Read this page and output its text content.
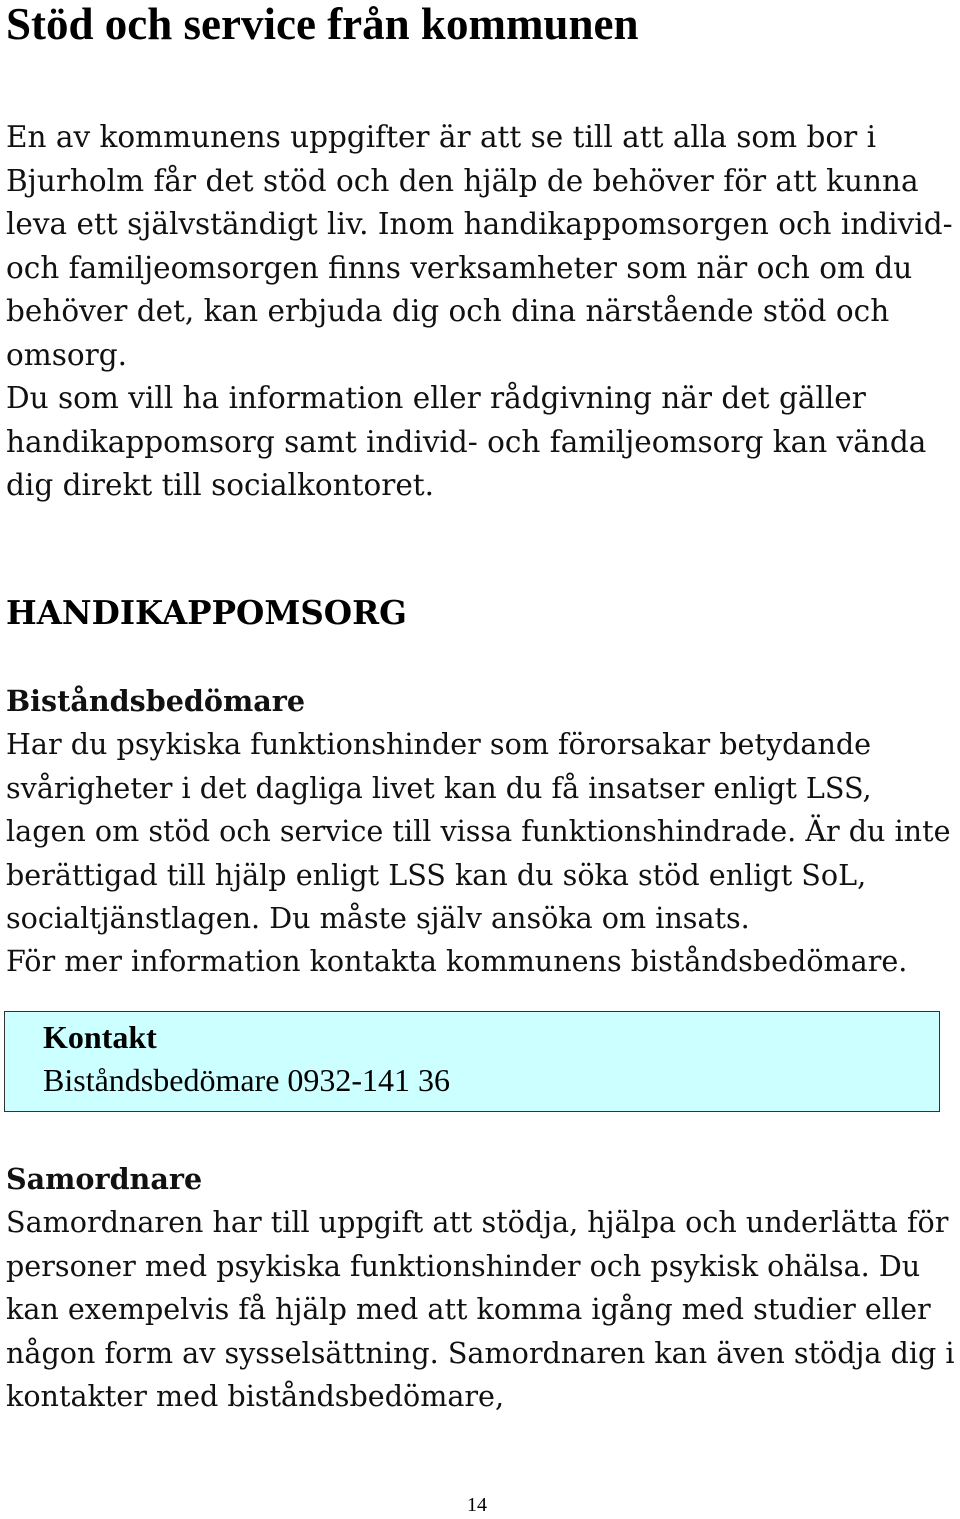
Stöd och service från kommunen

En av kommunens uppgifter är att se till att alla som bor i Bjurholm får det stöd och den hjälp de behöver för att kunna leva ett självständigt liv. Inom handikappomsorgen och individ- och familjeomsorgen finns verksamheter som när och om du behöver det, kan erbjuda dig och dina närstående stöd och omsorg.

Du som vill ha information eller rådgivning när det gäller handikappomsorg samt individ- och familjeomsorg kan vända dig direkt till socialkontoret.

HANDIKAPPOMSORG
Biståndsbedömare

Har du psykiska funktionshinder som förorsakar betydande svårigheter i det dagliga livet kan du få insatser enligt LSS, lagen om stöd och service till vissa funktionshindrade. Är du inte berättigad till hjälp enligt LSS kan du söka stöd enligt SoL, socialtjänstlagen. Du måste själv ansöka om insats.

För mer information kontakta kommunens biståndsbedömare.

Kontakt
Biståndsbedömare 0932-141 36
Samordnare

Samordnaren har till uppgift att stödja, hjälpa och underlätta för personer med psykiska funktionshinder och psykisk ohälsa. Du kan exempelvis få hjälp med att komma igång med studier eller någon form av sysselsättning. Samordnaren kan även stödja dig i kontakter med biståndsbedömare,

14
